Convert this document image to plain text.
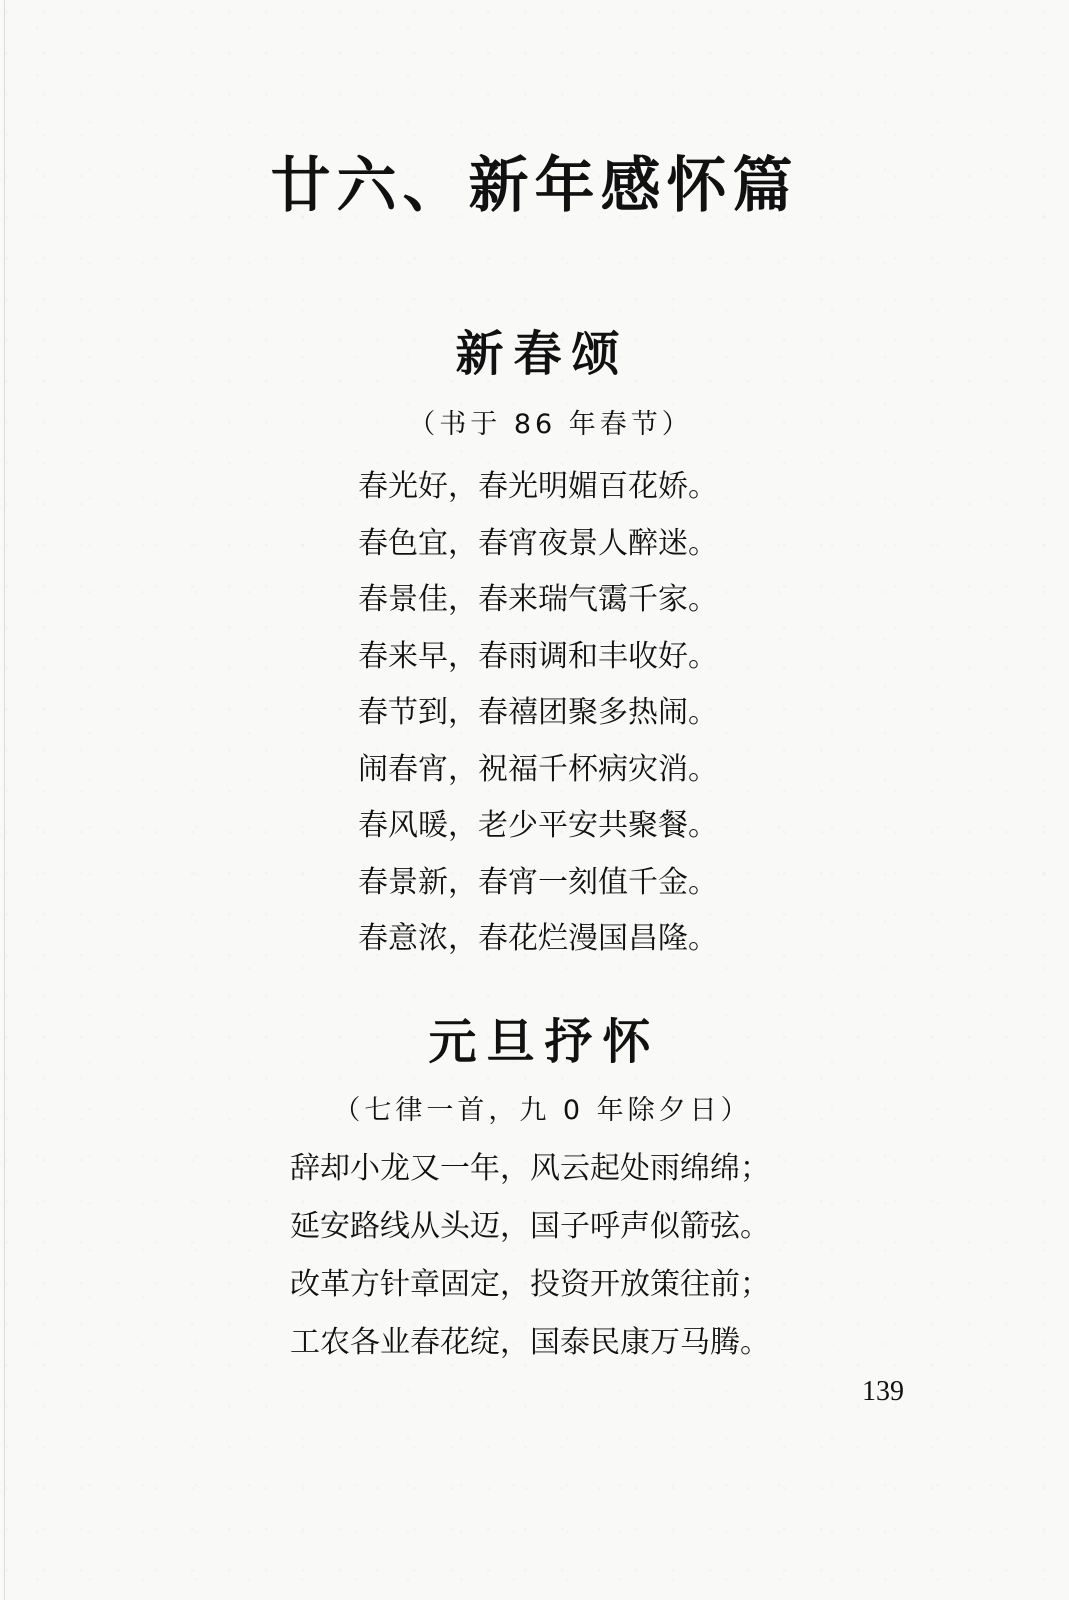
廿六、新年感怀篇
新春颂
（书于 86 年春节）
春光好，春光明媚百花娇。
春色宜，春宵夜景人醉迷。
春景佳，春来瑞气霭千家。
春来早，春雨调和丰收好。
春节到，春禧团聚多热闹。
闹春宵，祝福千杯病灾消。
春风暖，老少平安共聚餐。
春景新，春宵一刻值千金。
春意浓，春花烂漫国昌隆。
元旦抒怀
（七律一首，九 0 年除夕日）
辞却小龙又一年，风云起处雨绵绵；
延安路线从头迈，国子呼声似箭弦。
改革方针章固定，投资开放策往前；
工农各业春花绽，国泰民康万马腾。
139
